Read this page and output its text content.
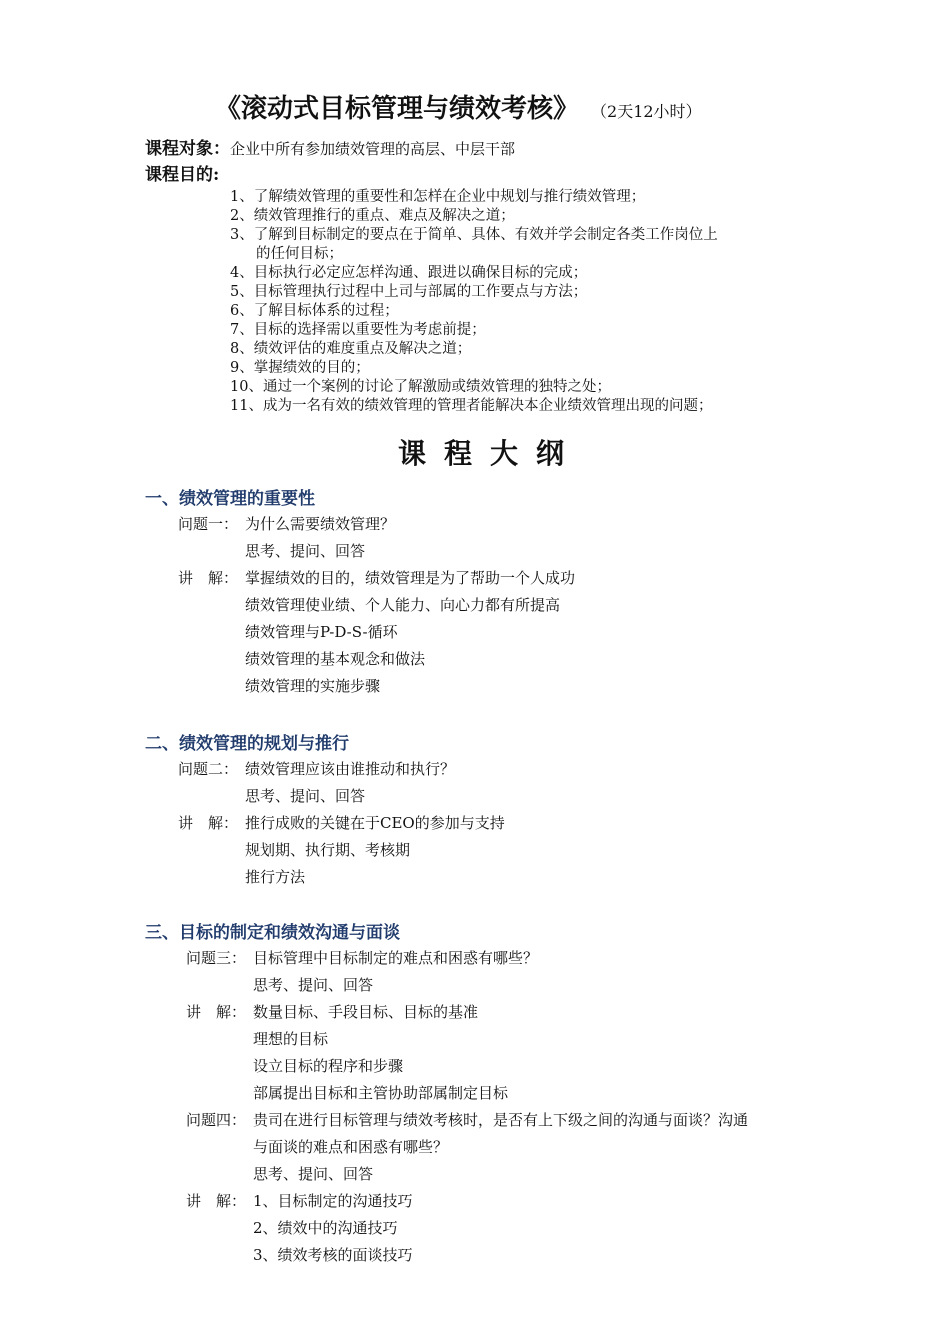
《滚动式目标管理与绩效考核》 （2天12小时）
课程对象：企业中所有参加绩效管理的高层、中层干部
课程目的:
1、了解绩效管理的重要性和怎样在企业中规划与推行绩效管理；
2、绩效管理推行的重点、难点及解决之道；
3、了解到目标制定的要点在于简单、具体、有效并学会制定各类工作岗位上
的任何目标；
4、目标执行必定应怎样沟通、跟进以确保目标的完成；
5、目标管理执行过程中上司与部属的工作要点与方法；
6、了解目标体系的过程；
7、目标的选择需以重要性为考虑前提；
8、绩效评估的难度重点及解决之道；
9、掌握绩效的目的；
10、通过一个案例的讨论了解激励或绩效管理的独特之处；
11、成为一名有效的绩效管理的管理者能解决本企业绩效管理出现的问题；
课程大纲
一、绩效管理的重要性
问题一： 为什么需要绩效管理？
思考、提问、回答
讲　解： 掌握绩效的目的，绩效管理是为了帮助一个人成功
绩效管理使业绩、个人能力、向心力都有所提高
绩效管理与P-D-S-循环
绩效管理的基本观念和做法
绩效管理的实施步骤
二、绩效管理的规划与推行
问题二： 绩效管理应该由谁推动和执行？
思考、提问、回答
讲　解： 推行成败的关键在于CEO的参加与支持
规划期、执行期、考核期
推行方法
三、目标的制定和绩效沟通与面谈
问题三： 目标管理中目标制定的难点和困惑有哪些？
思考、提问、回答
讲　解： 数量目标、手段目标、目标的基准
理想的目标
设立目标的程序和步骤
部属提出目标和主管协助部属制定目标
问题四： 贵司在进行目标管理与绩效考核时，是否有上下级之间的沟通与面谈？沟通
与面谈的难点和困惑有哪些？
思考、提问、回答
讲　解： 1、目标制定的沟通技巧
2、绩效中的沟通技巧
3、绩效考核的面谈技巧
